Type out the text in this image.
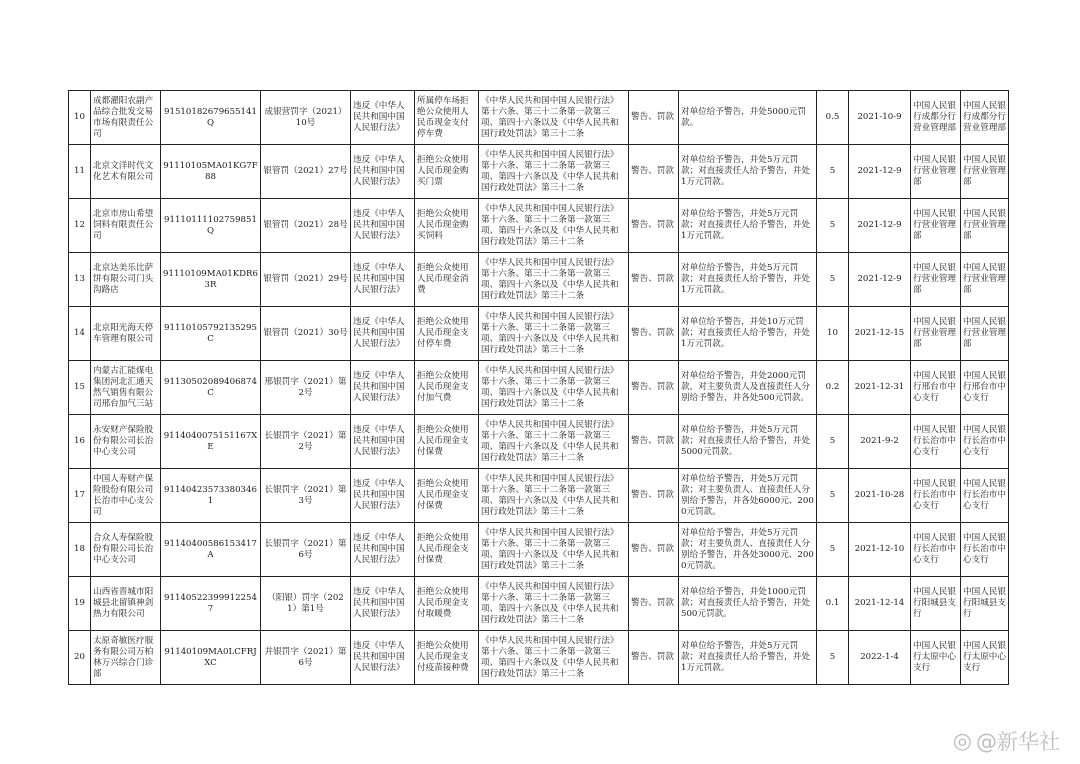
10	成都濯阳农副产品综合批发交易市场有限责任公司	91510182679655141Q	成银营罚字（2021）10号	违反《中华人民共和国中国人民银行法》	所属停车场拒绝公众使用人民币现金支付停车费	《中华人民共和国中国人民银行法》第十六条、第三十二条第一款第三项、第四十六条以及《中华人民共和国行政处罚法》第三十二条	警告、罚款	对单位给予警告，并处5000元罚款。	0.5	2021-10-9	中国人民银行成都分行营业管理部	中国人民银行成都分行营业管理部
11	北京文洋时代文化艺术有限公司	91110105MA01KG7F88	银管罚（2021）27号	违反《中华人民共和国中国人民银行法》	拒绝公众使用人民币现金购买门票	《中华人民共和国中国人民银行法》第十六条、第三十二条第一款第三项、第四十六条以及《中华人民共和国行政处罚法》第三十二条	警告、罚款	对单位给予警告，并处5万元罚款；对直接责任人给予警告，并处1万元罚款。	5	2021-12-9	中国人民银行营业管理部	中国人民银行营业管理部
12	北京市房山希望饲料有限责任公司	91110111102759851Q	银管罚（2021）28号	违反《中华人民共和国中国人民银行法》	拒绝公众使用人民币现金购买饲料	《中华人民共和国中国人民银行法》第十六条、第三十二条第一款第三项、第四十六条以及《中华人民共和国行政处罚法》第三十二条	警告、罚款	对单位给予警告，并处5万元罚款；对直接责任人给予警告，并处1万元罚款。	5	2021-12-9	中国人民银行营业管理部	中国人民银行营业管理部
13	北京达美乐比萨饼有限公司门头沟路店	91110109MA01KDR63R	银管罚（2021）29号	违反《中华人民共和国中国人民银行法》	拒绝公众使用人民币现金消费	《中华人民共和国中国人民银行法》第十六条、第三十二条第一款第三项、第四十六条以及《中华人民共和国行政处罚法》第三十二条	警告、罚款	对单位给予警告，并处5万元罚款；对直接责任人给予警告，并处1万元罚款。	5	2021-12-9	中国人民银行营业管理部	中国人民银行营业管理部
14	北京阳光海天停车管理有限公司	91110105792135295C	银管罚（2021）30号	违反《中华人民共和国中国人民银行法》	拒绝公众使用人民币现金支付停车费	《中华人民共和国中国人民银行法》第十六条、第三十二条第一款第三项、第四十六条以及《中华人民共和国行政处罚法》第三十二条	警告、罚款	对单位给予警告，并处10万元罚款；对直接责任人给予警告，并处1万元罚款。	10	2021-12-15	中国人民银行营业管理部	中国人民银行营业管理部
15	内蒙古汇能煤电集团河北汇通天然气销售有限公司邢台加气三站	91130502089406874C	邢银罚字（2021）第2号	违反《中华人民共和国中国人民银行法》	拒绝公众使用人民币现金支付加气费	《中华人民共和国中国人民银行法》第十六条、第三十二条第一款第三项、第四十六条以及《中华人民共和国行政处罚法》第三十二条	警告、罚款	对单位给予警告，并处2000元罚款，对主要负责人及直接责任人分别给予警告，并各处500元罚款。	0.2	2021-12-31	中国人民银行邢台市中心支行	中国人民银行邢台市中心支行
16	永安财产保险股份有限公司长治中心支公司	9114040075151167XE	长银罚字（2021）第2号	违反《中华人民共和国中国人民银行法》	拒绝公众使用人民币现金支付保费	《中华人民共和国中国人民银行法》第十六条、第三十二条第一款第三项、第四十六条以及《中华人民共和国行政处罚法》第三十二条	警告、罚款	对单位给予警告，并处5万元罚款；对直接责任人给予警告，并处5000元罚款。	5	2021-9-2	中国人民银行长治市中心支行	中国人民银行长治市中心支行
17	中国人寿财产保险股份有限公司长治市中心支公司	911404235733803461	长银罚字（2021）第3号	违反《中华人民共和国中国人民银行法》	拒绝公众使用人民币现金支付保费	《中华人民共和国中国人民银行法》第十六条、第三十二条第一款第三项、第四十六条以及《中华人民共和国行政处罚法》第三十二条	警告、罚款	对单位给予警告，并处5万元罚款；对主要负责人、直接责任人分别给予警告，并各处6000元、2000元罚款。	5	2021-10-28	中国人民银行长治市中心支行	中国人民银行长治市中心支行
18	合众人寿保险股份有限公司长治中心支公司	91140400586153417A	长银罚字（2021）第6号	违反《中华人民共和国中国人民银行法》	拒绝公众使用人民币现金支付保费	《中华人民共和国中国人民银行法》第十六条、第三十二条第一款第三项、第四十六条以及《中华人民共和国行政处罚法》第三十二条	警告、罚款	对单位给予警告，并处5万元罚款；对主要负责人、直接责任人分别给予警告，并各处3000元、2000元罚款。	5	2021-12-10	中国人民银行长治市中心支行	中国人民银行长治市中心支行
19	山西省晋城市阳城县北留镇神剑热力有限公司	911405223999122547	（阳银）罚字（2021）第1号	违反《中华人民共和国中国人民银行法》	拒绝公众使用人民币现金支付取暖费	《中华人民共和国中国人民银行法》第十六条、第三十二条第一款第三项、第四十六条以及《中华人民共和国行政处罚法》第三十二条	警告、罚款	对单位给予警告，并处1000元罚款；对直接责任人给予警告，并处500元罚款。	0.1	2021-12-14	中国人民银行阳城县支行	中国人民银行阳城县支行
20	太原奇敏医疗服务有限公司万柏林万兴综合门诊部	91140109MA0LCFRJXC	并银罚字（2021）第6号	违反《中华人民共和国中国人民银行法》	拒绝公众使用人民币现金支付疫苗接种费	《中华人民共和国中国人民银行法》第十六条、第三十二条第一款第三项、第四十六条以及《中华人民共和国行政处罚法》第三十二条	警告、罚款	对单位给予警告，并处5万元罚款；对直接责任人给予警告，并处1万元罚款。	5	2022-1-4	中国人民银行太原中心支行	中国人民银行太原中心支行
◎ @新华社
